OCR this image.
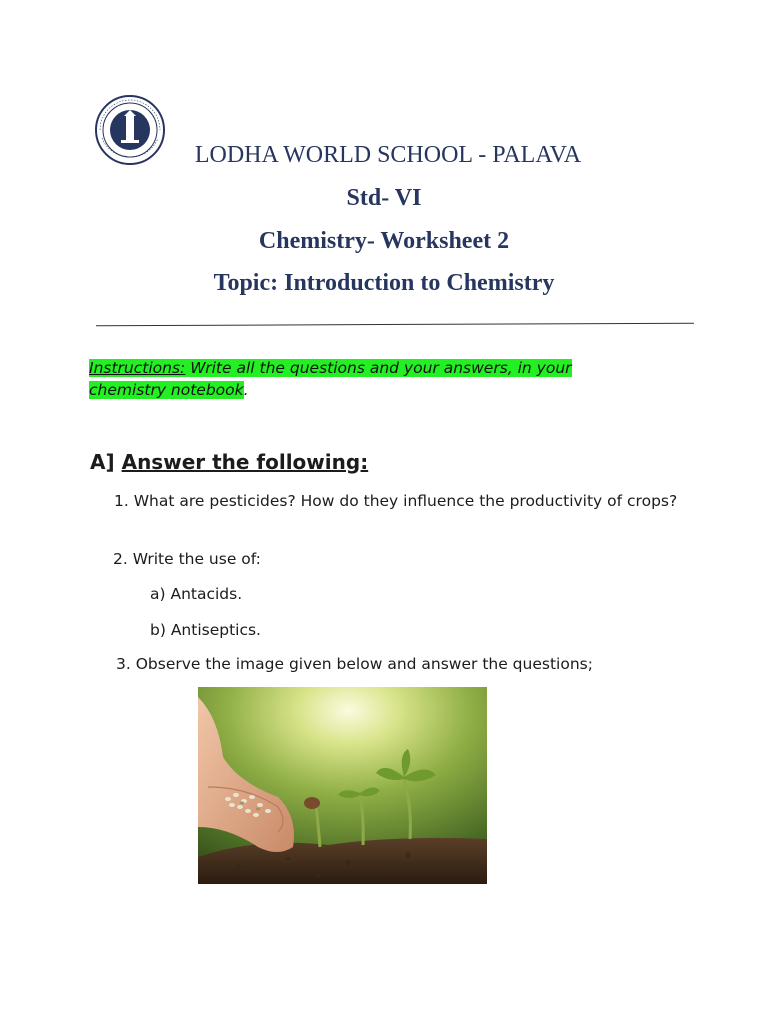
LODHA WORLD SCHOOL - PALAVA
Std- VI
Chemistry- Worksheet 2
Topic: Introduction to Chemistry
Instructions: Write all the questions and your answers, in your chemistry notebook.
A] Answer the following:
1. What are pesticides? How do they influence the productivity of crops?
2. Write the use of:
a) Antacids.
b) Antiseptics.
3. Observe the image given below and answer the questions;
